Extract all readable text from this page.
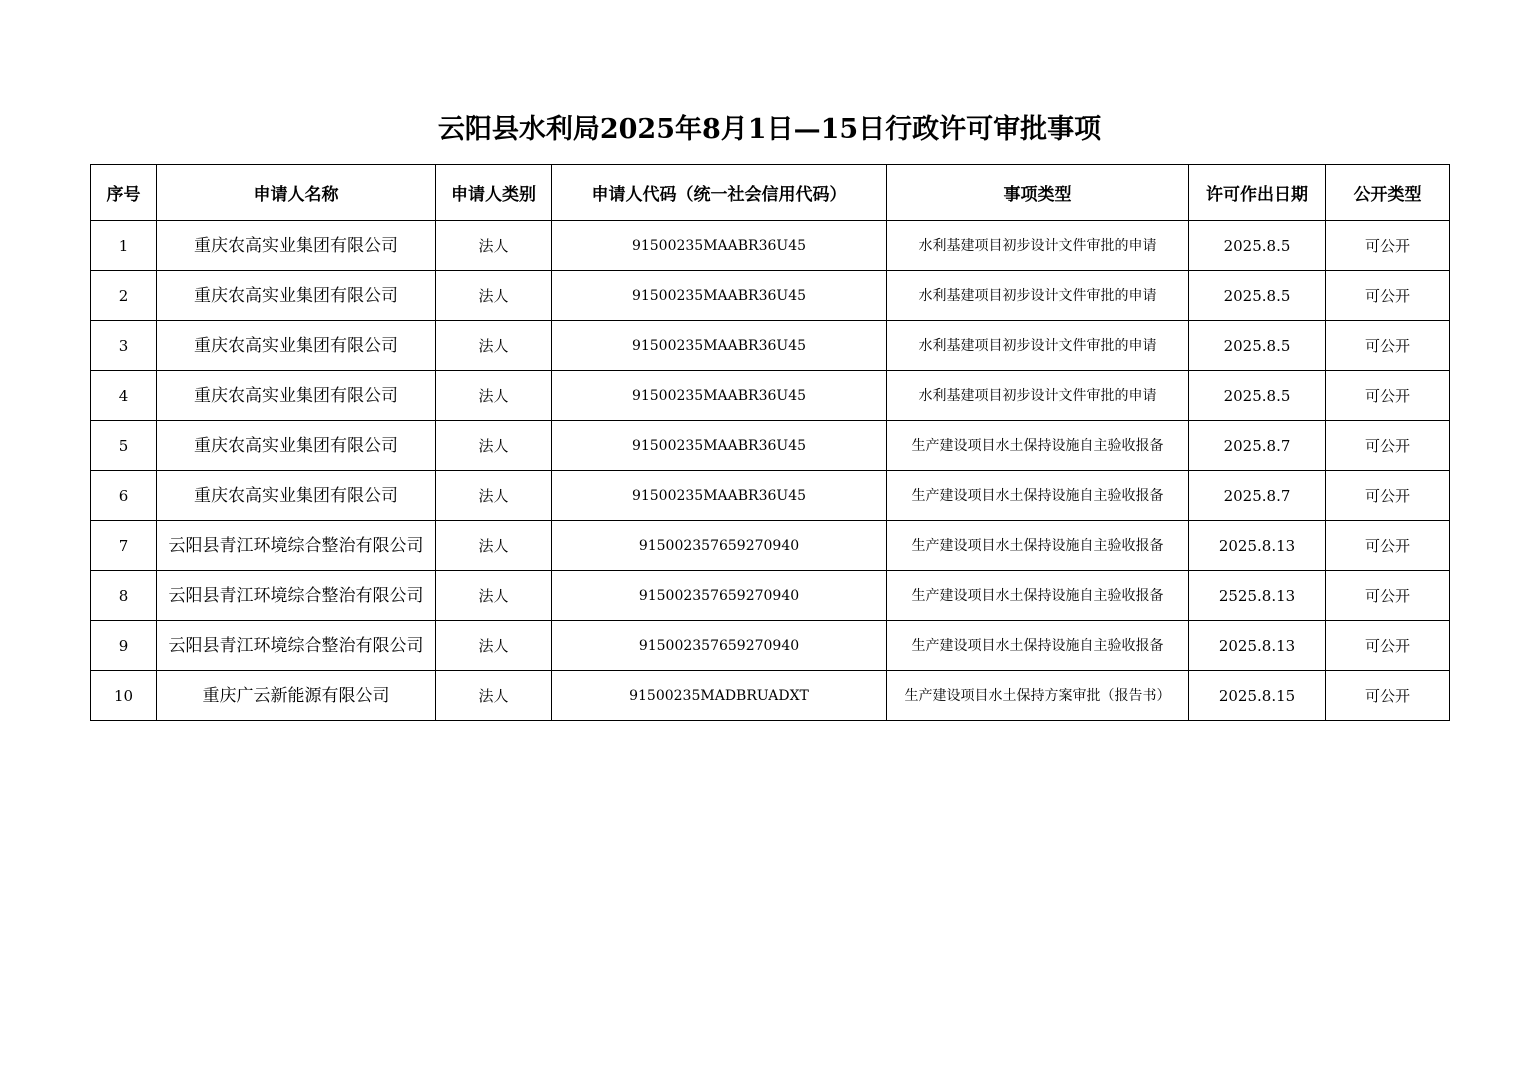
云阳县水利局2025年8月1日—15日行政许可审批事项
序号	申请人名称	申请人类别	申请人代码（统一社会信用代码）	事项类型	许可作出日期	公开类型
1	重庆农高实业集团有限公司	法人	91500235MAABR36U45	水利基建项目初步设计文件审批的申请	2025.8.5	可公开
2	重庆农高实业集团有限公司	法人	91500235MAABR36U45	水利基建项目初步设计文件审批的申请	2025.8.5	可公开
3	重庆农高实业集团有限公司	法人	91500235MAABR36U45	水利基建项目初步设计文件审批的申请	2025.8.5	可公开
4	重庆农高实业集团有限公司	法人	91500235MAABR36U45	水利基建项目初步设计文件审批的申请	2025.8.5	可公开
5	重庆农高实业集团有限公司	法人	91500235MAABR36U45	生产建设项目水土保持设施自主验收报备	2025.8.7	可公开
6	重庆农高实业集团有限公司	法人	91500235MAABR36U45	生产建设项目水土保持设施自主验收报备	2025.8.7	可公开
7	云阳县青江环境综合整治有限公司	法人	915002357659270940	生产建设项目水土保持设施自主验收报备	2025.8.13	可公开
8	云阳县青江环境综合整治有限公司	法人	915002357659270940	生产建设项目水土保持设施自主验收报备	2525.8.13	可公开
9	云阳县青江环境综合整治有限公司	法人	915002357659270940	生产建设项目水土保持设施自主验收报备	2025.8.13	可公开
10	重庆广云新能源有限公司	法人	91500235MADBRUADXT	生产建设项目水土保持方案审批（报告书）	2025.8.15	可公开
